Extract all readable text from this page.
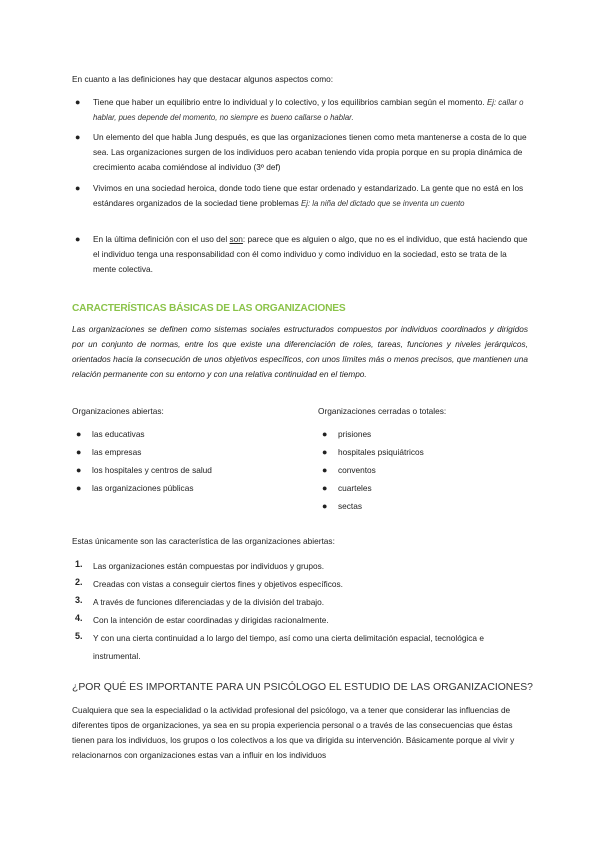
En cuanto a las definiciones hay que destacar algunos aspectos como:

● Tiene que haber un equilibrio entre lo individual y lo colectivo, y los equilibrios cambian según el momento. Ej: callar o hablar, pues depende del momento, no siempre es bueno callarse o hablar.
● Un elemento del que habla Jung después, es que las organizaciones tienen como meta mantenerse a costa de lo que sea. Las organizaciones surgen de los individuos pero acaban teniendo vida propia porque en su propia dinámica de crecimiento acaba comiéndose al individuo (3º def)
● Vivimos en una sociedad heroica, donde todo tiene que estar ordenado y estandarizado. La gente que no está en los estándares organizados de la sociedad tiene problemas Ej: la niña del dictado que se inventa un cuento
● En la última definición con el uso del son: parece que es alguien o algo, que no es el individuo, que está haciendo que el individuo tenga una responsabilidad con él como individuo y como individuo en la sociedad, esto se trata de la mente colectiva.
CARACTERÍSTICAS BÁSICAS DE LAS ORGANIZACIONES
Las organizaciones se definen como sistemas sociales estructurados compuestos por individuos coordinados y dirigidos por un conjunto de normas, entre los que existe una diferenciación de roles, tareas, funciones y niveles jerárquicos, orientados hacia la consecución de unos objetivos específicos, con unos límites más o menos precisos, que mantienen una relación permanente con su entorno y con una relativa continuidad en el tiempo.
Organizaciones abiertas:
● las educativas
● las empresas
● los hospitales y centros de salud
● las organizaciones públicas
Organizaciones cerradas o totales:
● prisiones
● hospitales psiquiátricos
● conventos
● cuarteles
● sectas

Estas únicamente son las característica de las organizaciones abiertas:

1. Las organizaciones están compuestas por individuos y grupos.
2. Creadas con vistas a conseguir ciertos fines y objetivos específicos.
3. A través de funciones diferenciadas y de la división del trabajo.
4. Con la intención de estar coordinadas y dirigidas racionalmente.
5. Y con una cierta continuidad a lo largo del tiempo, así como una cierta delimitación espacial, tecnológica e instrumental.
¿POR QUÉ ES IMPORTANTE PARA UN PSICÓLOGO EL ESTUDIO DE LAS ORGANIZACIONES?

Cualquiera que sea la especialidad o la actividad profesional del psicólogo, va a tener que considerar las influencias de diferentes tipos de organizaciones, ya sea en su propia experiencia personal o a través de las consecuencias que éstas tienen para los individuos, los grupos o los colectivos a los que va dirigida su intervención. Básicamente porque al vivir y relacionarnos con organizaciones estas van a influir en los individuos
